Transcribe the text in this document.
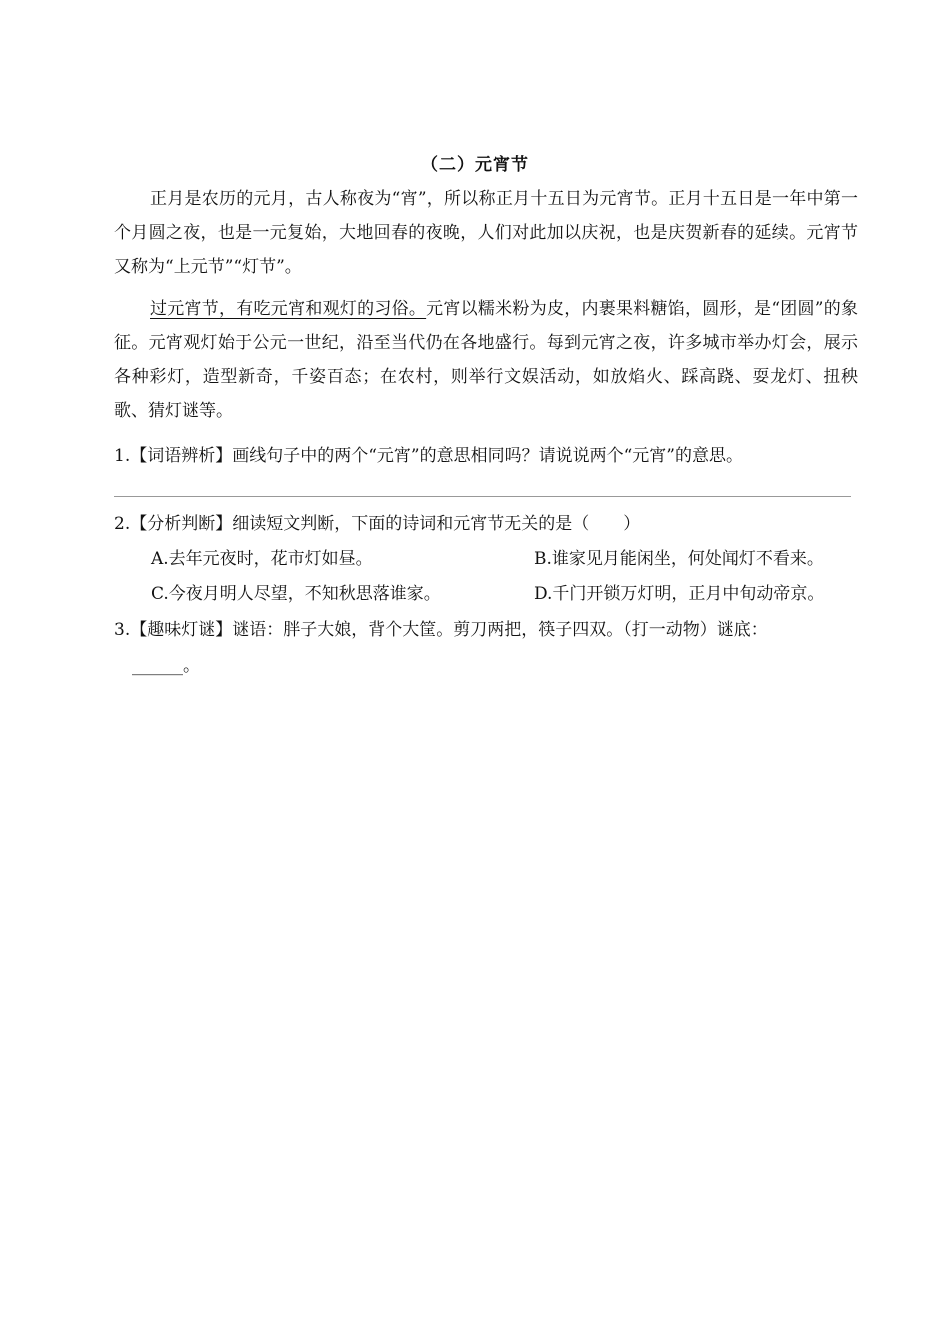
（二）元宵节
正月是农历的元月，古人称夜为“宵”，所以称正月十五日为元宵节。正月十五日是一年中第一个月圆之夜，也是一元复始，大地回春的夜晚，人们对此加以庆祝，也是庆贺新春的延续。元宵节又称为“上元节”“灯节”。
过元宵节，有吃元宵和观灯的习俗。元宵以糯米粉为皮，内裹果料糖馅，圆形，是“团圆”的象征。元宵观灯始于公元一世纪，沿至当代仍在各地盛行。每到元宵之夜，许多城市举办灯会，展示各种彩灯，造型新奇，千姿百态；在农村，则举行文娱活动，如放焰火、踩高跷、耍龙灯、扭秧歌、猜灯谜等。
1.【词语辨析】画线句子中的两个“元宵”的意思相同吗？请说说两个“元宵”的意思。
2.【分析判断】细读短文判断，下面的诗词和元宵节无关的是（　　）
A.去年元夜时，花市灯如昼。	B.谁家见月能闲坐，何处闻灯不看来。
C.今夜月明人尽望，不知秋思落谁家。	D.千门开锁万灯明，正月中旬动帝京。
3.【趣味灯谜】谜语：胖子大娘，背个大筐。剪刀两把，筷子四双。（打一动物）谜底：
______。
